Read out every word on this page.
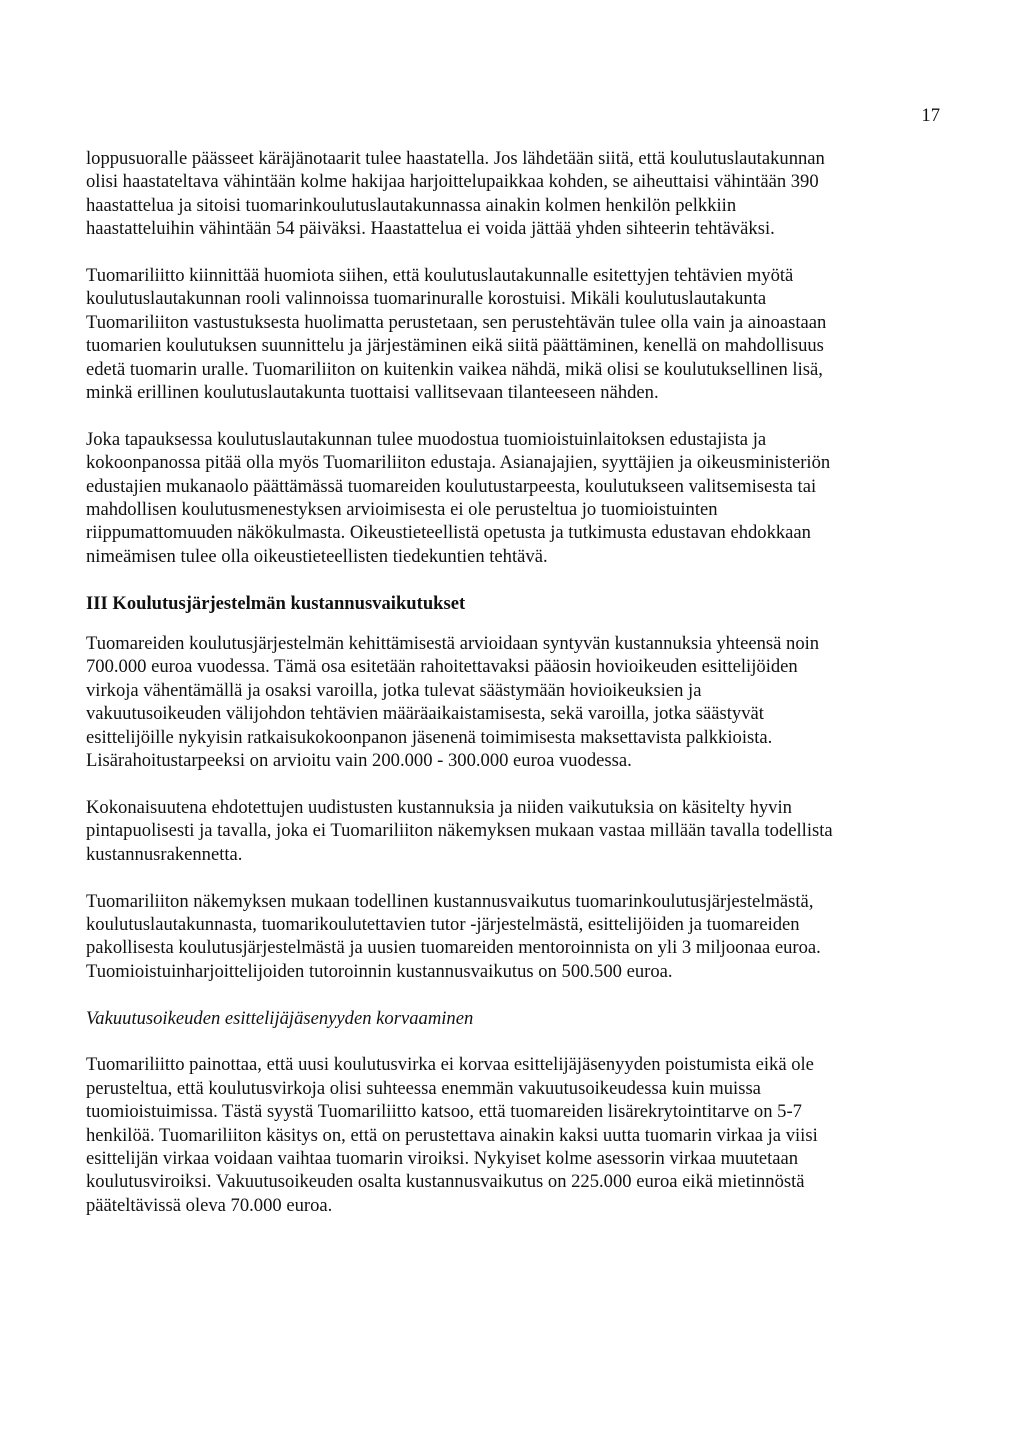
17

loppusuoralle päässeet käräjänotaarit tulee haastatella. Jos lähdetään siitä, että koulutuslautakunnan
olisi haastateltava vähintään kolme hakijaa harjoittelupaikkaa kohden, se aiheuttaisi vähintään 390
haastattelua ja sitoisi tuomarinkoulutuslautakunnassa ainakin kolmen henkilön pelkkiin
haastatteluihin vähintään 54 päiväksi. Haastattelua ei voida jättää yhden sihteerin tehtäväksi.

Tuomariliitto kiinnittää huomiota siihen, että koulutuslautakunnalle esitettyjen tehtävien myötä
koulutuslautakunnan rooli valinnoissa tuomarinuralle korostuisi. Mikäli koulutuslautakunta
Tuomariliiton vastustuksesta huolimatta perustetaan, sen perustehtävän tulee olla vain ja ainoastaan
tuomarien koulutuksen suunnittelu ja järjestäminen eikä siitä päättäminen, kenellä on mahdollisuus
edetä tuomarin uralle. Tuomariliiton on kuitenkin vaikea nähdä, mikä olisi se koulutuksellinen lisä,
minkä erillinen koulutuslautakunta tuottaisi vallitsevaan tilanteeseen nähden.

Joka tapauksessa koulutuslautakunnan tulee muodostua tuomioistuinlaitoksen edustajista ja
kokoonpanossa pitää olla myös Tuomariliiton edustaja. Asianajajien, syyttäjien ja oikeusministeriön
edustajien mukanaolo päättämässä tuomareiden koulutustarpeesta, koulutukseen valitsemisesta tai
mahdollisen koulutusmenestyksen arvioimisesta ei ole perusteltua jo tuomioistuinten
riippumattomuuden näkökulmasta. Oikeustieteellistä opetusta ja tutkimusta edustavan ehdokkaan
nimeämisen tulee olla oikeustieteellisten tiedekuntien tehtävä.

III Koulutusjärjestelmän kustannusvaikutukset

Tuomareiden koulutusjärjestelmän kehittämisestä arvioidaan syntyvän kustannuksia yhteensä noin
700.000 euroa vuodessa. Tämä osa esitetään rahoitettavaksi pääosin hovioikeuden esittelijöiden
virkoja vähentämällä ja osaksi varoilla, jotka tulevat säästymään hovioikeuksien ja
vakuutusoikeuden välijohdon tehtävien määräaikaistamisesta, sekä varoilla, jotka säästyvät
esittelijöille nykyisin ratkaisukokoonpanon jäsenenä toimimisesta maksettavista palkkioista.
Lisärahoitustarpeeksi on arvioitu vain 200.000 - 300.000 euroa vuodessa.

Kokonaisuutena ehdotettujen uudistusten kustannuksia ja niiden vaikutuksia on käsitelty hyvin
pintapuolisesti ja tavalla, joka ei Tuomariliiton näkemyksen mukaan vastaa millään tavalla todellista
kustannusrakennetta.

Tuomariliiton näkemyksen mukaan todellinen kustannusvaikutus tuomarinkoulutusjärjestelmästä,
koulutuslautakunnasta, tuomarikoulutettavien tutor -järjestelmästä, esittelijöiden ja tuomareiden
pakollisesta koulutusjärjestelmästä ja uusien tuomareiden mentoroinnista on yli 3 miljoonaa euroa.
Tuomioistuinharjoittelijoiden tutoroinnin kustannusvaikutus on 500.500 euroa.

Vakuutusoikeuden esittelijäjäsenyyden korvaaminen

Tuomariliitto painottaa, että uusi koulutusvirka ei korvaa esittelijäjäsenyyden poistumista eikä ole
perusteltua, että koulutusvirkoja olisi suhteessa enemmän vakuutusoikeudessa kuin muissa
tuomioistuimissa. Tästä syystä Tuomariliitto katsoo, että tuomareiden lisärekrytointitarve on 5-7
henkilöä. Tuomariliiton käsitys on, että on perustettava ainakin kaksi uutta tuomarin virkaa ja viisi
esittelijän virkaa voidaan vaihtaa tuomarin viroiksi. Nykyiset kolme asessorin virkaa muutetaan
koulutusviroiksi. Vakuutusoikeuden osalta kustannusvaikutus on 225.000 euroa eikä mietinnöstä
pääteltävissä oleva 70.000 euroa.
